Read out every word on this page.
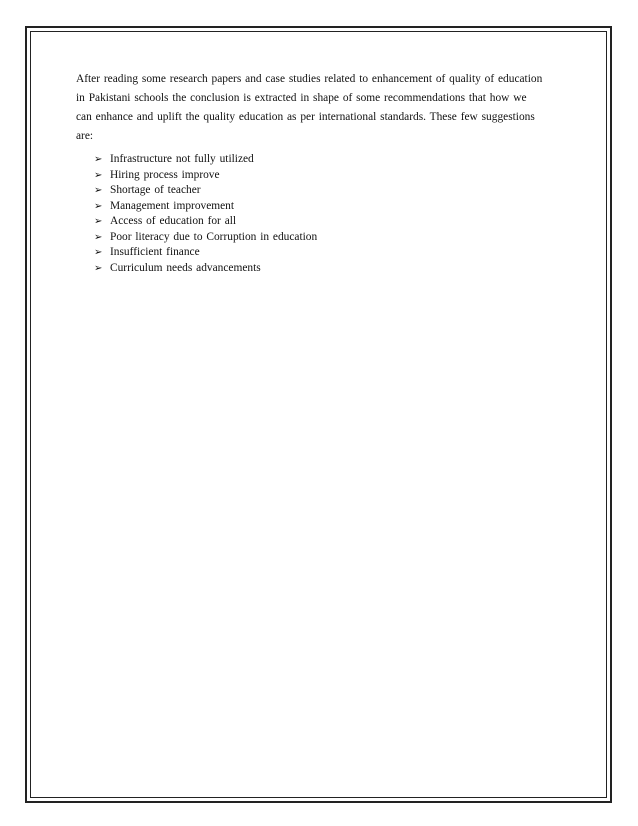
After reading some research papers and case studies related to enhancement of quality of education in Pakistani schools the conclusion is extracted in shape of some recommendations that how we can enhance and uplift the quality education as per international standards. These few suggestions are:

➢ Infrastructure not fully utilized
➢ Hiring process improve
➢ Shortage of teacher
➢ Management improvement
➢ Access of education for all
➢ Poor literacy due to Corruption in education
➢ Insufficient finance
➢ Curriculum needs advancements
